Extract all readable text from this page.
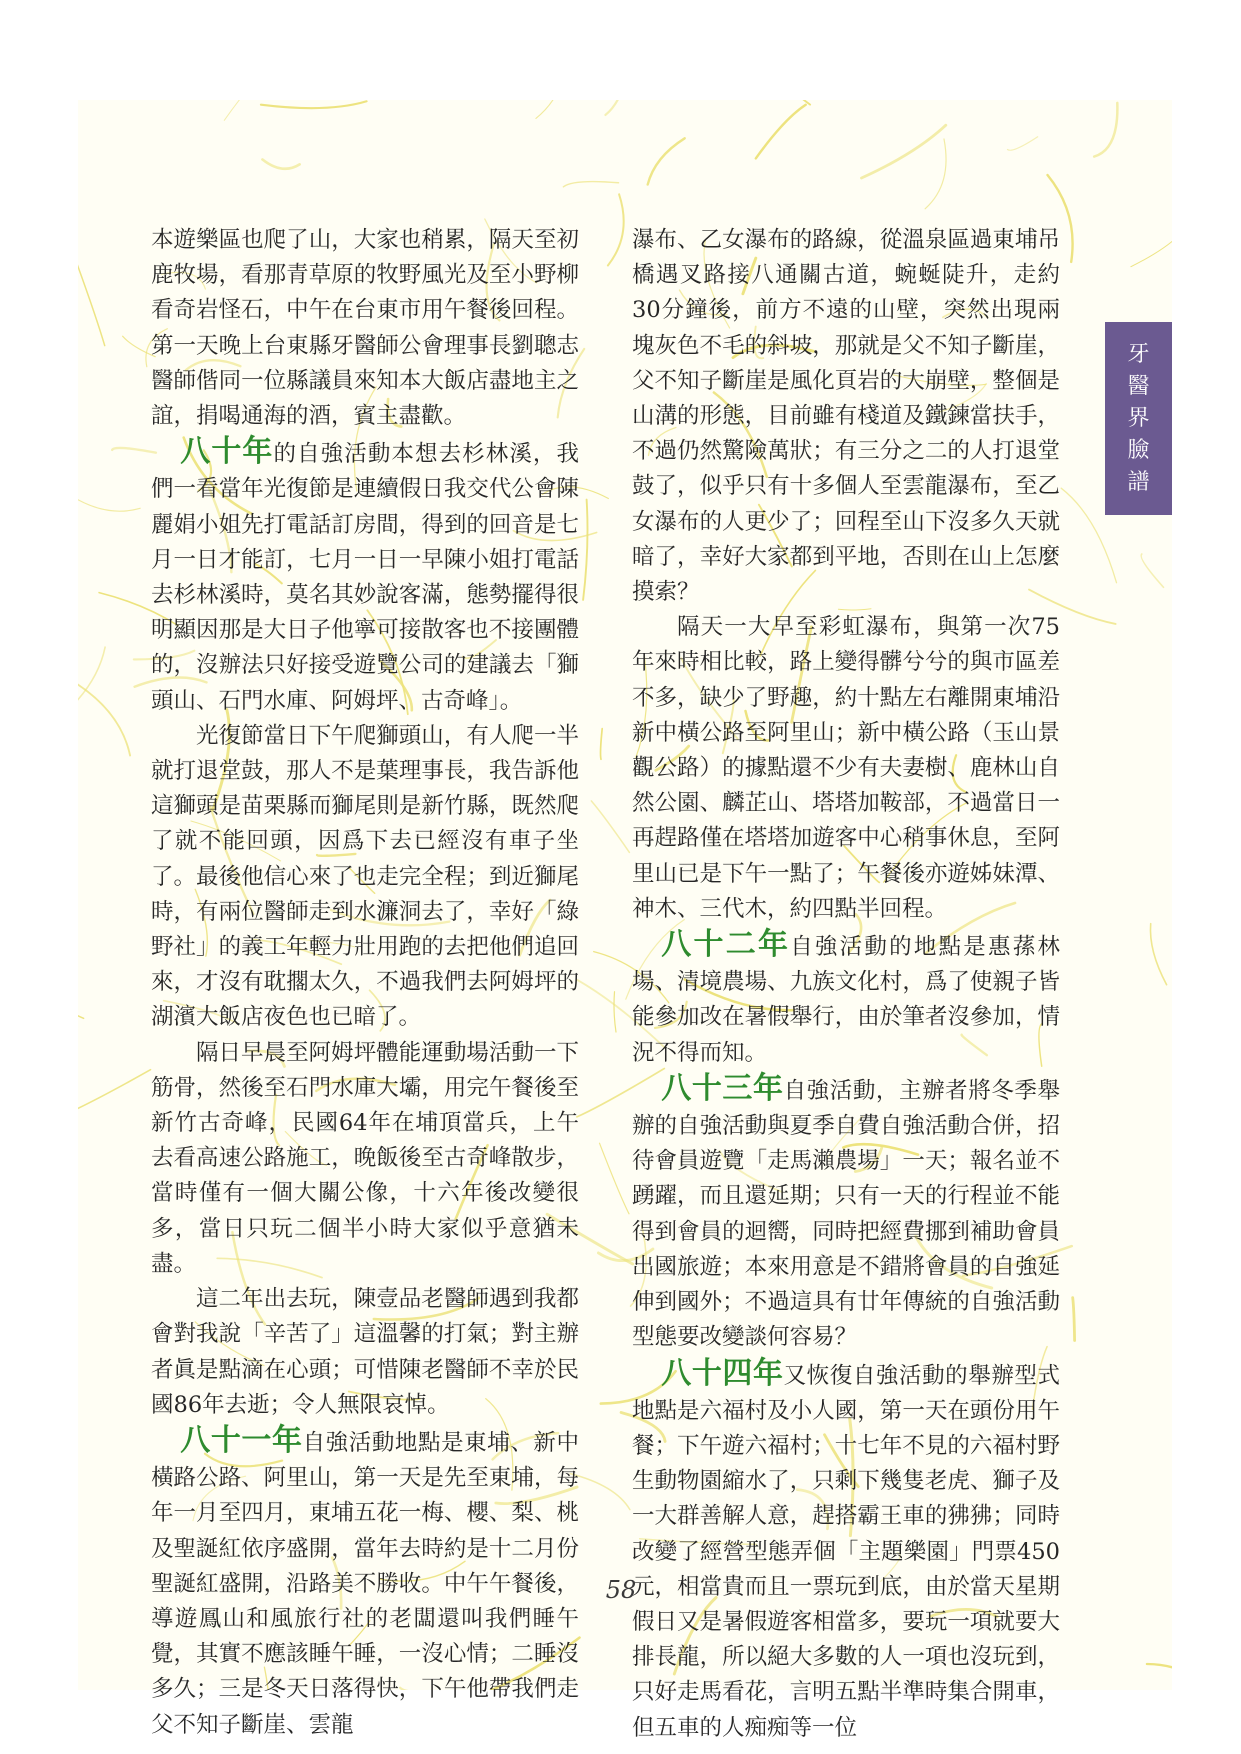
牙
醫
界
臉
譜

本遊樂區也爬了山，大家也稍累，隔天至初鹿牧場，看那青草原的牧野風光及至小野柳看奇岩怪石，中午在台東市用午餐後回程。第一天晚上台東縣牙醫師公會理事長劉聰志醫師偕同一位縣議員來知本大飯店盡地主之誼，捐喝通海的酒，賓主盡歡。

八十年的自強活動本想去杉林溪，我們一看當年光復節是連續假日我交代公會陳麗娟小姐先打電話訂房間，得到的回音是七月一日才能訂，七月一日一早陳小姐打電話去杉林溪時，莫名其妙說客滿，態勢擺得很明顯因那是大日子他寧可接散客也不接團體的，沒辦法只好接受遊覽公司的建議去「獅頭山、石門水庫、阿姆坪、古奇峰」。

光復節當日下午爬獅頭山，有人爬一半就打退堂鼓，那人不是葉理事長，我告訴他這獅頭是苗栗縣而獅尾則是新竹縣，既然爬了就不能回頭，因爲下去已經沒有車子坐了。最後他信心來了也走完全程；到近獅尾時，有兩位醫師走到水濂洞去了，幸好「綠野社」的義工年輕力壯用跑的去把他們追回來，才沒有耽擱太久，不過我們去阿姆坪的湖濱大飯店夜色也已暗了。

隔日早晨至阿姆坪體能運動場活動一下筋骨，然後至石門水庫大壩，用完午餐後至新竹古奇峰，民國64年在埔頂當兵，上午去看高速公路施工，晚飯後至古奇峰散步，當時僅有一個大關公像，十六年後改變很多，當日只玩二個半小時大家似乎意猶未盡。

這二年出去玩，陳壹品老醫師遇到我都會對我說「辛苦了」這溫馨的打氣；對主辦者眞是點滴在心頭；可惜陳老醫師不幸於民國86年去逝；令人無限哀悼。

八十一年自強活動地點是東埔、新中橫路公路、阿里山，第一天是先至東埔，每年一月至四月，東埔五花一梅、櫻、梨、桃及聖誕紅依序盛開，當年去時約是十二月份聖誕紅盛開，沿路美不勝收。中午午餐後，導遊鳳山和風旅行社的老闆還叫我們睡午覺，其實不應該睡午睡，一沒心情；二睡沒多久；三是冬天日落得快，下午他帶我們走父不知子斷崖、雲龍

瀑布、乙女瀑布的路線，從溫泉區過東埔吊橋遇叉路接八通關古道，蜿蜒陡升，走約30分鐘後，前方不遠的山壁，突然出現兩塊灰色不毛的斜坡，那就是父不知子斷崖，父不知子斷崖是風化頁岩的大崩壁，整個是山溝的形態，目前雖有棧道及鐵鍊當扶手，不過仍然驚險萬狀；有三分之二的人打退堂鼓了，似乎只有十多個人至雲龍瀑布，至乙女瀑布的人更少了；回程至山下沒多久天就暗了，幸好大家都到平地，否則在山上怎麼摸索？

隔天一大早至彩虹瀑布，與第一次75年來時相比較，路上變得髒兮兮的與市區差不多，缺少了野趣，約十點左右離開東埔沿新中橫公路至阿里山；新中橫公路（玉山景觀公路）的據點還不少有夫妻樹、鹿林山自然公園、麟芷山、塔塔加鞍部，不過當日一再趕路僅在塔塔加遊客中心稍事休息，至阿里山已是下午一點了；午餐後亦遊姊妹潭、神木、三代木，約四點半回程。

八十二年自強活動的地點是惠蓀林場、清境農場、九族文化村，爲了使親子皆能參加改在暑假舉行，由於筆者沒參加，情況不得而知。

八十三年自強活動，主辦者將冬季舉辦的自強活動與夏季自費自強活動合併，招待會員遊覽「走馬瀨農場」一天；報名並不踴躍，而且還延期；只有一天的行程並不能得到會員的迴嚮，同時把經費挪到補助會員出國旅遊；本來用意是不錯將會員的自強延伸到國外；不過這具有廿年傳統的自強活動型態要改變談何容易？

八十四年又恢復自強活動的舉辦型式地點是六福村及小人國，第一天在頭份用午餐；下午遊六福村；十七年不見的六福村野生動物園縮水了，只剩下幾隻老虎、獅子及一大群善解人意，趕搭霸王車的狒狒；同時改變了經營型態弄個「主題樂園」門票450元，相當貴而且一票玩到底，由於當天星期假日又是暑假遊客相當多，要玩一項就要大排長龍，所以絕大多數的人一項也沒玩到，只好走馬看花，言明五點半準時集合開車，但五車的人痴痴等一位

58
